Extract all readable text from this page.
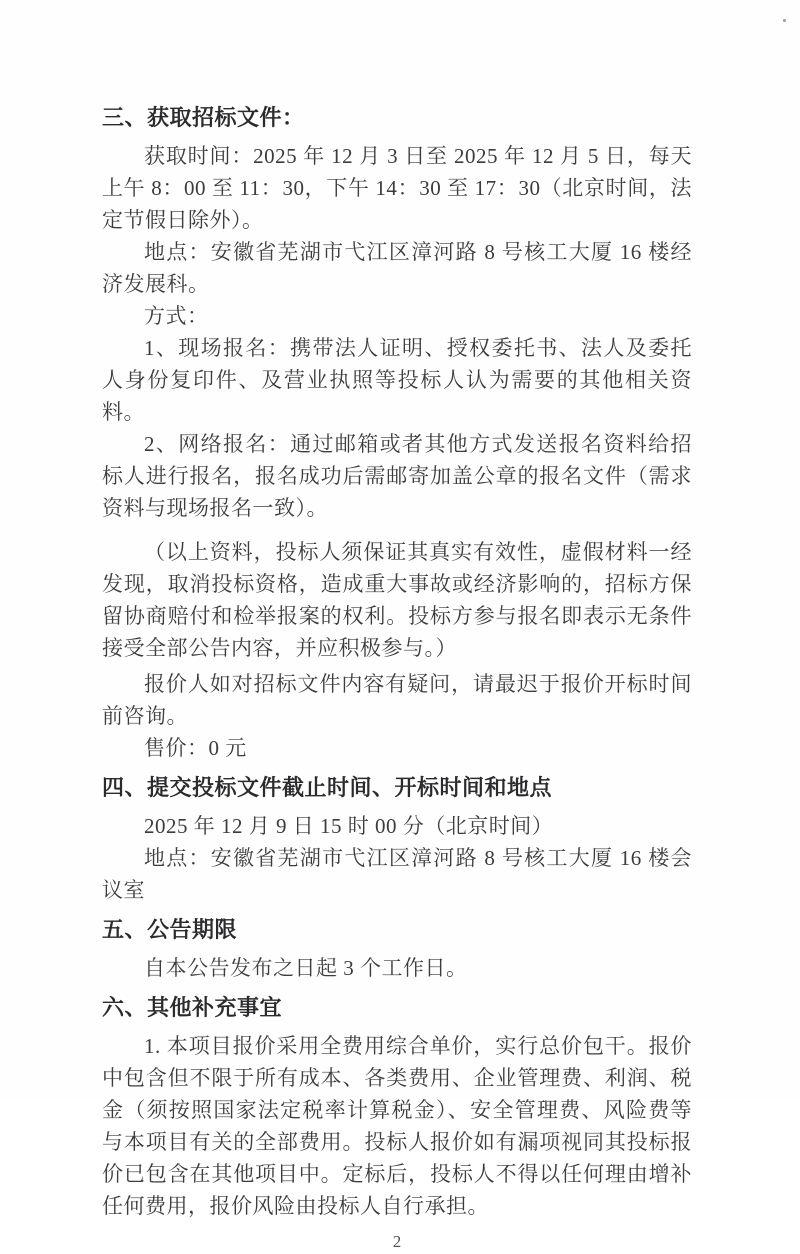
三、获取招标文件：

获取时间：2025 年 12 月 3 日至 2025 年 12 月 5 日，每天上午 8：00 至 11：30，下午 14：30 至 17：30（北京时间，法定节假日除外）。

地点：安徽省芜湖市弋江区漳河路 8 号核工大厦 16 楼经济发展科。

方式：

1、现场报名：携带法人证明、授权委托书、法人及委托人身份复印件、及营业执照等投标人认为需要的其他相关资料。

2、网络报名：通过邮箱或者其他方式发送报名资料给招标人进行报名，报名成功后需邮寄加盖公章的报名文件（需求资料与现场报名一致）。

（以上资料，投标人须保证其真实有效性，虚假材料一经发现，取消投标资格，造成重大事故或经济影响的，招标方保留协商赔付和检举报案的权利。投标方参与报名即表示无条件接受全部公告内容，并应积极参与。）

报价人如对招标文件内容有疑问，请最迟于报价开标时间前咨询。

售价：0 元

四、提交投标文件截止时间、开标时间和地点

2025 年 12 月 9 日 15 时 00 分（北京时间）

地点：安徽省芜湖市弋江区漳河路 8 号核工大厦 16 楼会议室

五、公告期限

自本公告发布之日起 3 个工作日。

六、其他补充事宜

1. 本项目报价采用全费用综合单价，实行总价包干。报价中包含但不限于所有成本、各类费用、企业管理费、利润、税金（须按照国家法定税率计算税金）、安全管理费、风险费等与本项目有关的全部费用。投标人报价如有漏项视同其投标报价已包含在其他项目中。定标后，投标人不得以任何理由增补任何费用，报价风险由投标人自行承担。

2
